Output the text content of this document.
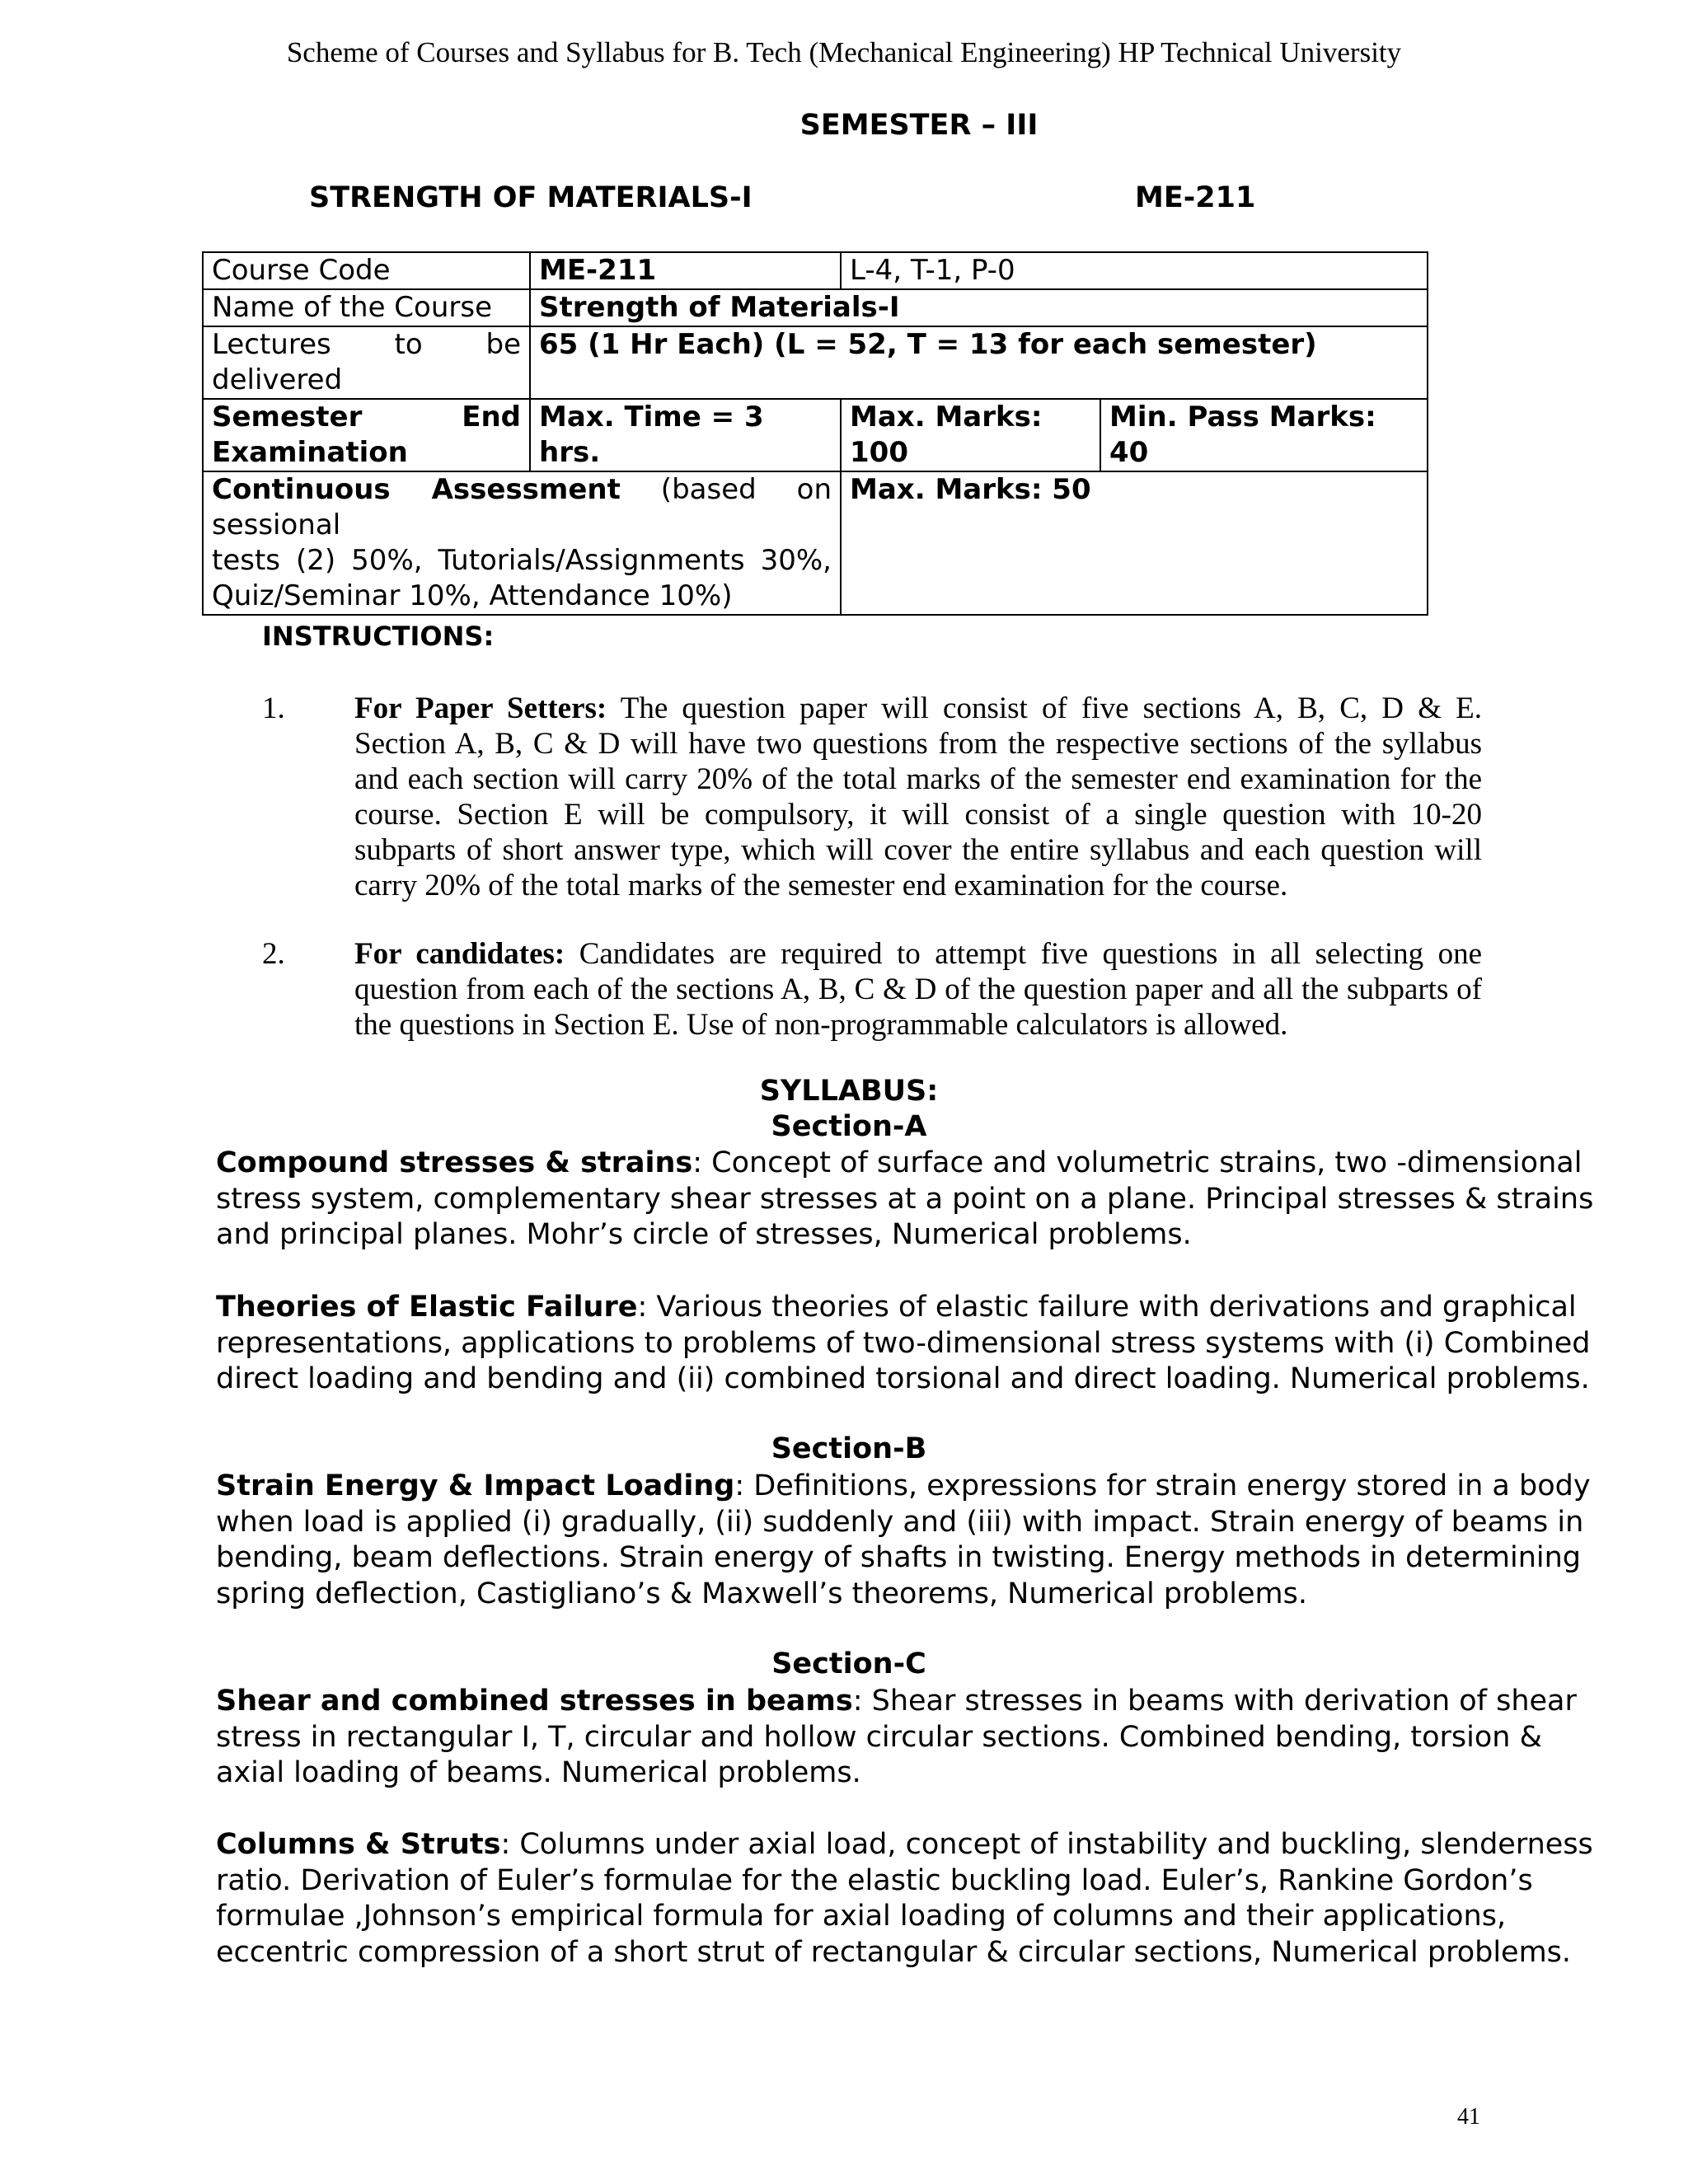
Scheme of Courses and Syllabus for B. Tech (Mechanical Engineering) HP Technical University
SEMESTER – III
STRENGTH OF MATERIALS-I	ME-211
Course Code	ME-211	L-4, T-1, P-0	
Name of the Course	Strength of Materials-I		

Lectures to be
delivered	65 (1 Hr Each) (L = 52, T = 13 for each semester)		

Semester End
Examination	Max. Time = 3 hrs.	Max. Marks: 100	Min. Pass Marks: 40

Continuous Assessment (based on sessional
tests (2) 50%, Tutorials/Assignments 30%,
Quiz/Seminar 10%, Attendance 10%)		Max. Marks: 50	
INSTRUCTIONS:
1. For Paper Setters: The question paper will consist of five sections A, B, C, D & E.
Section A, B, C & D will have two questions from the respective sections of the syllabus
and each section will carry 20% of the total marks of the semester end examination for the
course. Section E will be compulsory, it will consist of a single question with 10-20
subparts of short answer type, which will cover the entire syllabus and each question will
carry 20% of the total marks of the semester end examination for the course.
2. For candidates: Candidates are required to attempt five questions in all selecting one
question from each of the sections A, B, C & D of the question paper and all the subparts of
the questions in Section E. Use of non-programmable calculators is allowed.
SYLLABUS:
Section-A
Compound stresses & strains: Concept of surface and volumetric strains, two -dimensional
stress system, complementary shear stresses at a point on a plane. Principal stresses & strains
and principal planes. Mohr’s circle of stresses, Numerical problems.
Theories of Elastic Failure: Various theories of elastic failure with derivations and graphical
representations, applications to problems of two-dimensional stress systems with (i) Combined
direct loading and bending and (ii) combined torsional and direct loading. Numerical problems.
Section-B
Strain Energy & Impact Loading: Definitions, expressions for strain energy stored in a body
when load is applied (i) gradually, (ii) suddenly and (iii) with impact. Strain energy of beams in
bending, beam deflections. Strain energy of shafts in twisting. Energy methods in determining
spring deflection, Castigliano’s & Maxwell’s theorems, Numerical problems.
Section-C
Shear and combined stresses in beams: Shear stresses in beams with derivation of shear
stress in rectangular I, T, circular and hollow circular sections. Combined bending, torsion &
axial loading of beams. Numerical problems.
Columns & Struts: Columns under axial load, concept of instability and buckling, slenderness
ratio. Derivation of Euler’s formulae for the elastic buckling load. Euler’s, Rankine Gordon’s
formulae ,Johnson’s empirical formula for axial loading of columns and their applications,
eccentric compression of a short strut of rectangular & circular sections, Numerical problems.
41
